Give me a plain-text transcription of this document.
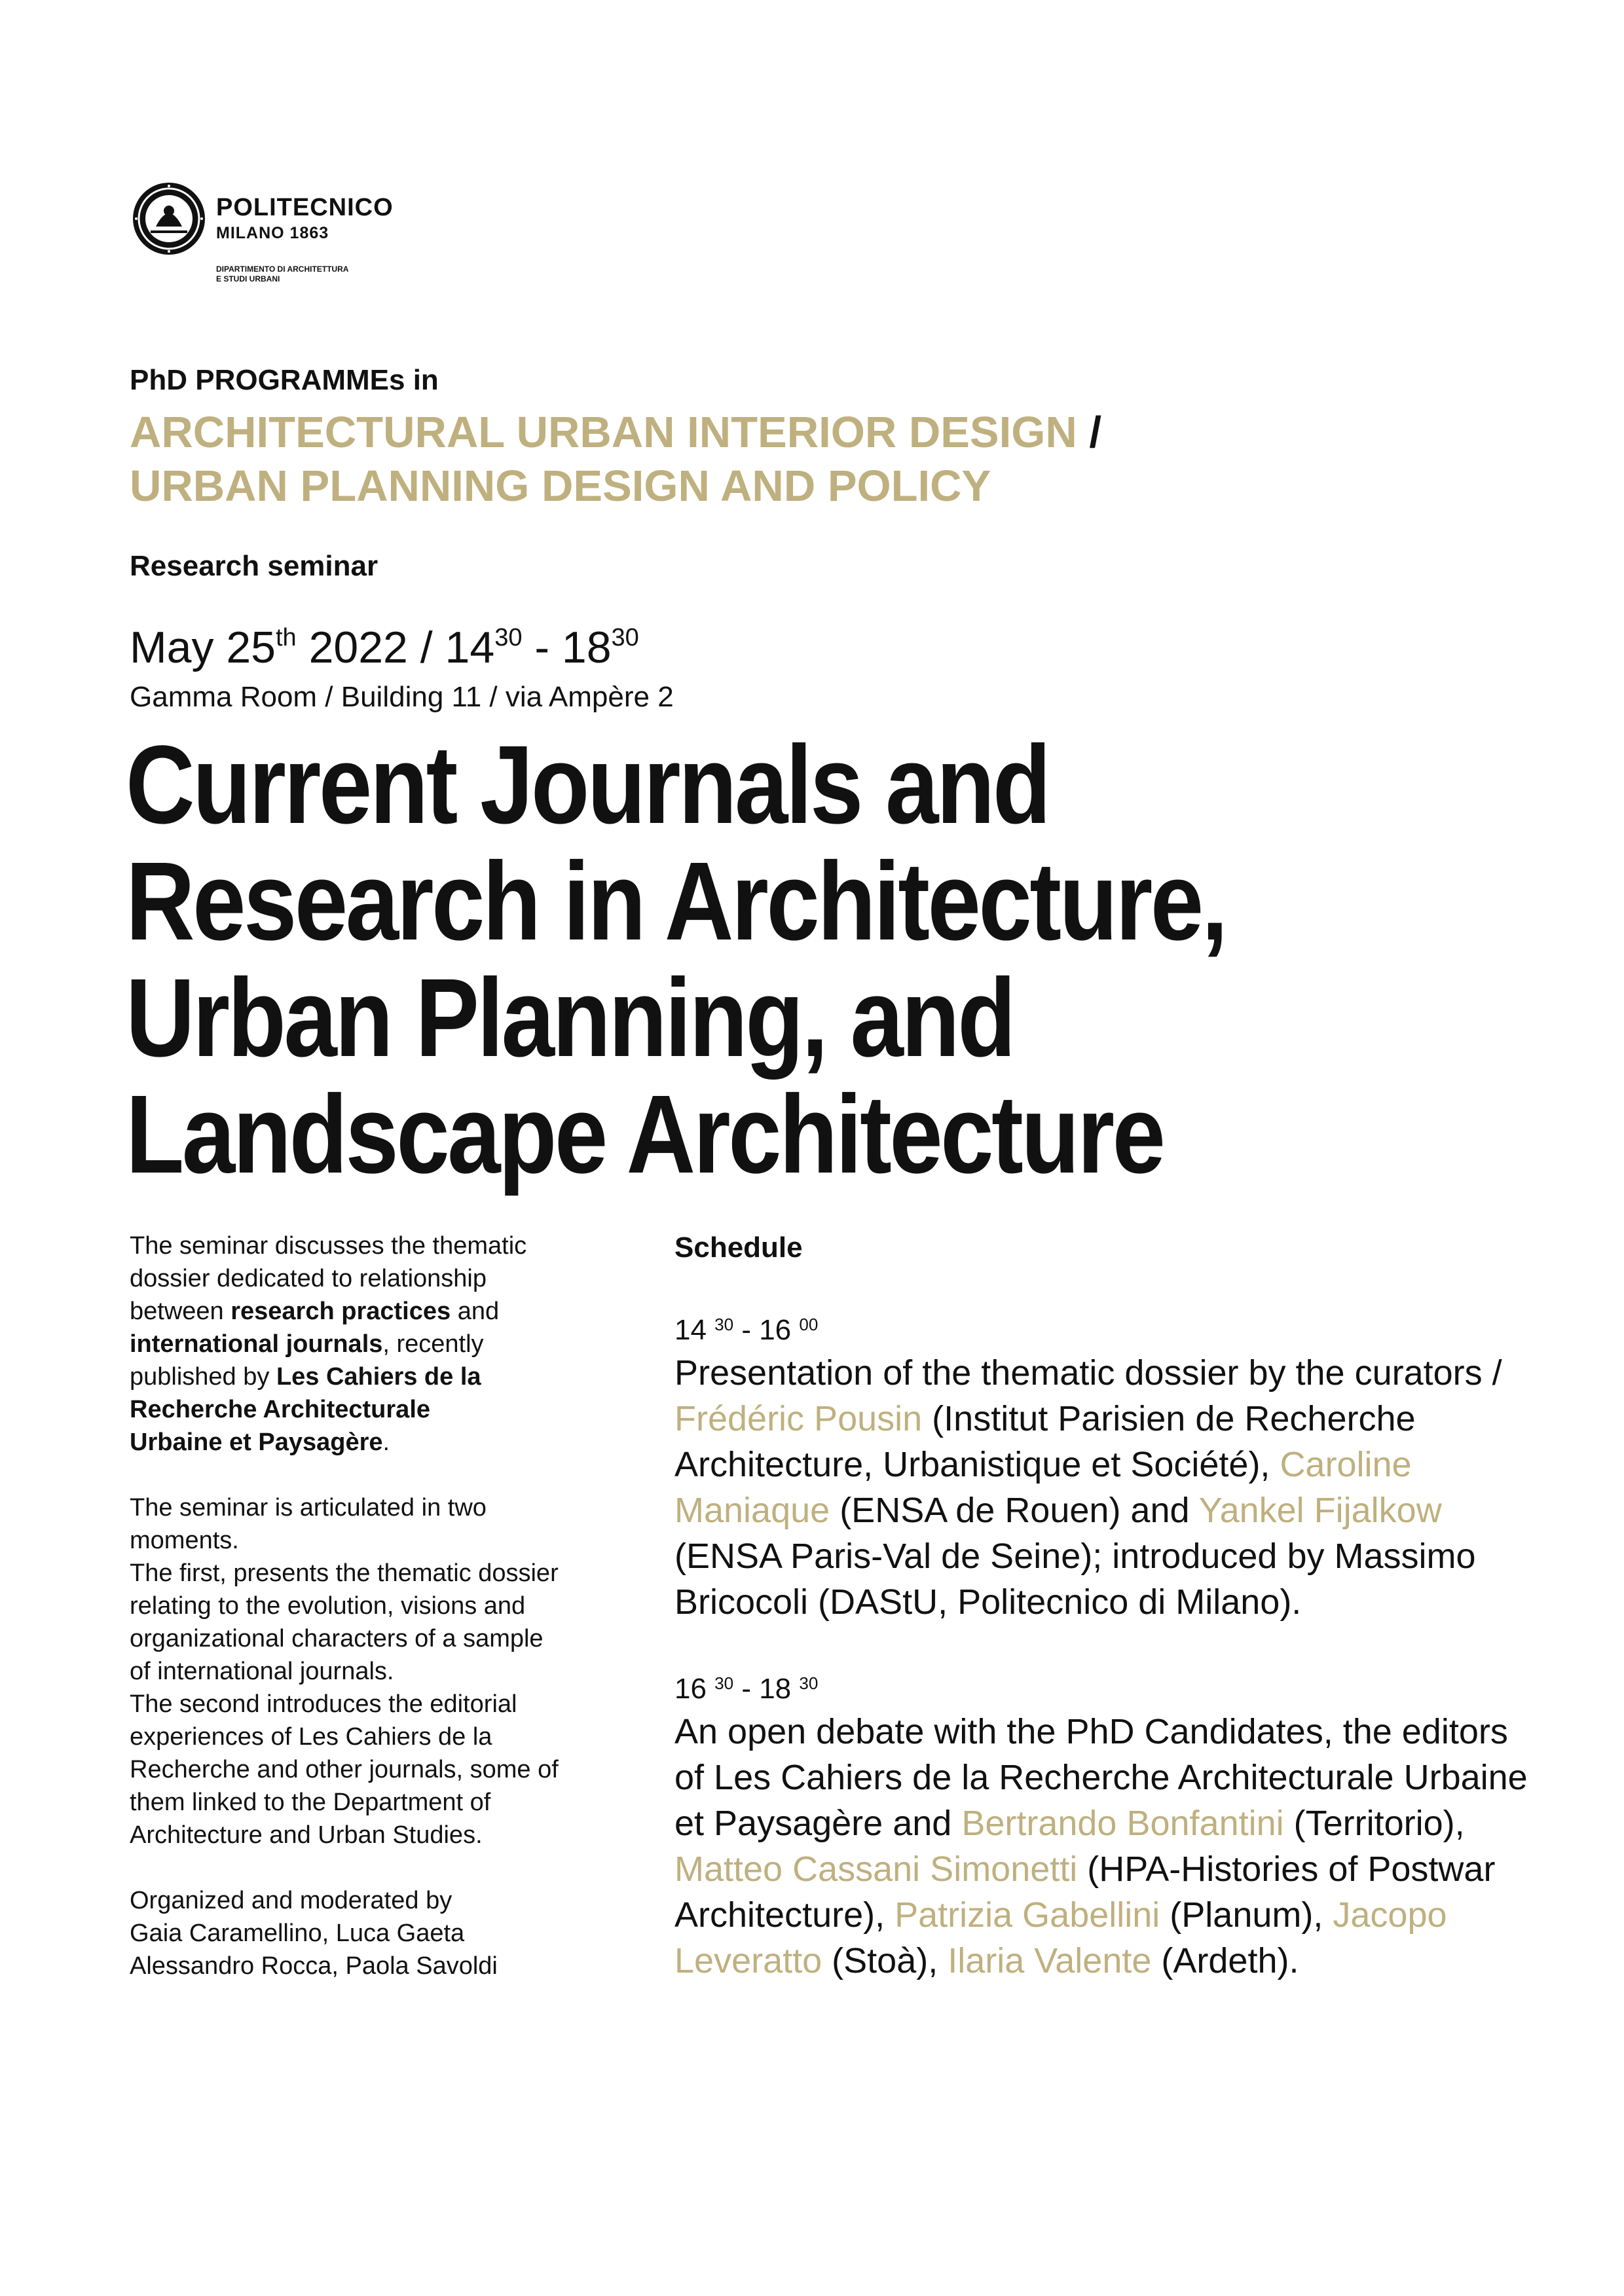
POLITECNICO
MILANO 1863
DIPARTIMENTO DI ARCHITETTURA
E STUDI URBANI
PhD PROGRAMMEs in
ARCHITECTURAL URBAN INTERIOR DESIGN /
URBAN PLANNING DESIGN AND POLICY
Research seminar
May 25th $2022 / 14^{30} - 18^{30}$
Gamma Room / Building 11 / via Ampère 2
Current Journals and
Research in Architecture,
Urban Planning, and
Landscape Architecture

The seminar discusses the thematic dossier dedicated to relationship between research practices and international journals, recently published by Les Cahiers de la Recherche Architecturale
Urbaine et Paysagère.

The seminar is articulated in two moments.
The first, presents the thematic dossier relating to the evolution, visions and organizational characters of a sample of international journals.
The second introduces the editorial experiences of Les Cahiers de la Recherche and other journals, some of them linked to the Department of Architecture and Urban Studies.

Organized and moderated by
Gaia Caramellino, Luca Gaeta
Alessandro Rocca, Paola Savoldi

Schedule
14 $^{30}$ - 16 $^{00}$

Presentation of the thematic dossier by the curators / Frédéric Pousin (Institut Parisien de Recherche Architecture, Urbanistique et Société), Caroline Maniaque (ENSA de Rouen) and Yankel Fijalkow (ENSA Paris-Val de Seine); introduced by Massimo Bricocoli (DAStU, Politecnico di Milano).

16 $^{30}$ - 18 $^{30}$

An open debate with the PhD Candidates, the editors of Les Cahiers de la Recherche Architecturale Urbaine et Paysagère and Bertrando Bonfantini (Territorio), Matteo Cassani Simonetti (HPA-Histories of Postwar Architecture), Patrizia Gabellini (Planum), Jacopo Leveratto (Stoà), Ilaria Valente (Ardeth).
